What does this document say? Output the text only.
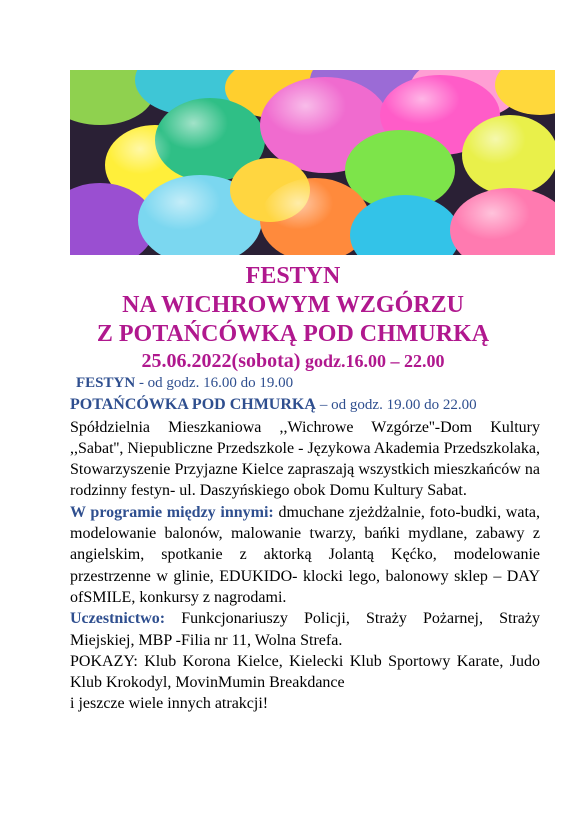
FESTYN
NA WICHROWYM WZGÓRZU
Z POTAŃCÓWKĄ POD CHMURKĄ
25.06.2022(sobota) godz.16.00 – 22.00

FESTYN - od godz. 16.00 do 19.00

POTAŃCÓWKA POD CHMURKĄ – od godz. 19.00 do 22.00

Spółdzielnia Mieszkaniowa ,,Wichrowe Wzgórze''-Dom Kultury ,,Sabat'', Niepubliczne Przedszkole - Językowa Akademia Przedszkolaka, Stowarzyszenie Przyjazne Kielce zapraszają wszystkich mieszkańców na rodzinny festyn- ul. Daszyńskiego obok Domu Kultury Sabat.

W programie między innymi: dmuchane zjeżdżalnie, foto-budki, wata, modelowanie balonów, malowanie twarzy, bańki mydlane, zabawy z angielskim, spotkanie z aktorką Jolantą Kęćko, modelowanie przestrzenne w glinie, EDUKIDO- klocki lego, balonowy sklep – DAY ofSMILE, konkursy z nagrodami.

Uczestnictwo: Funkcjonariuszy Policji, Straży Pożarnej, Straży Miejskiej, MBP -Filia nr 11, Wolna Strefa.

POKAZY: Klub Korona Kielce, Kielecki Klub Sportowy Karate, Judo Klub Krokodyl, MovinMumin Breakdance

i jeszcze wiele innych atrakcji!
